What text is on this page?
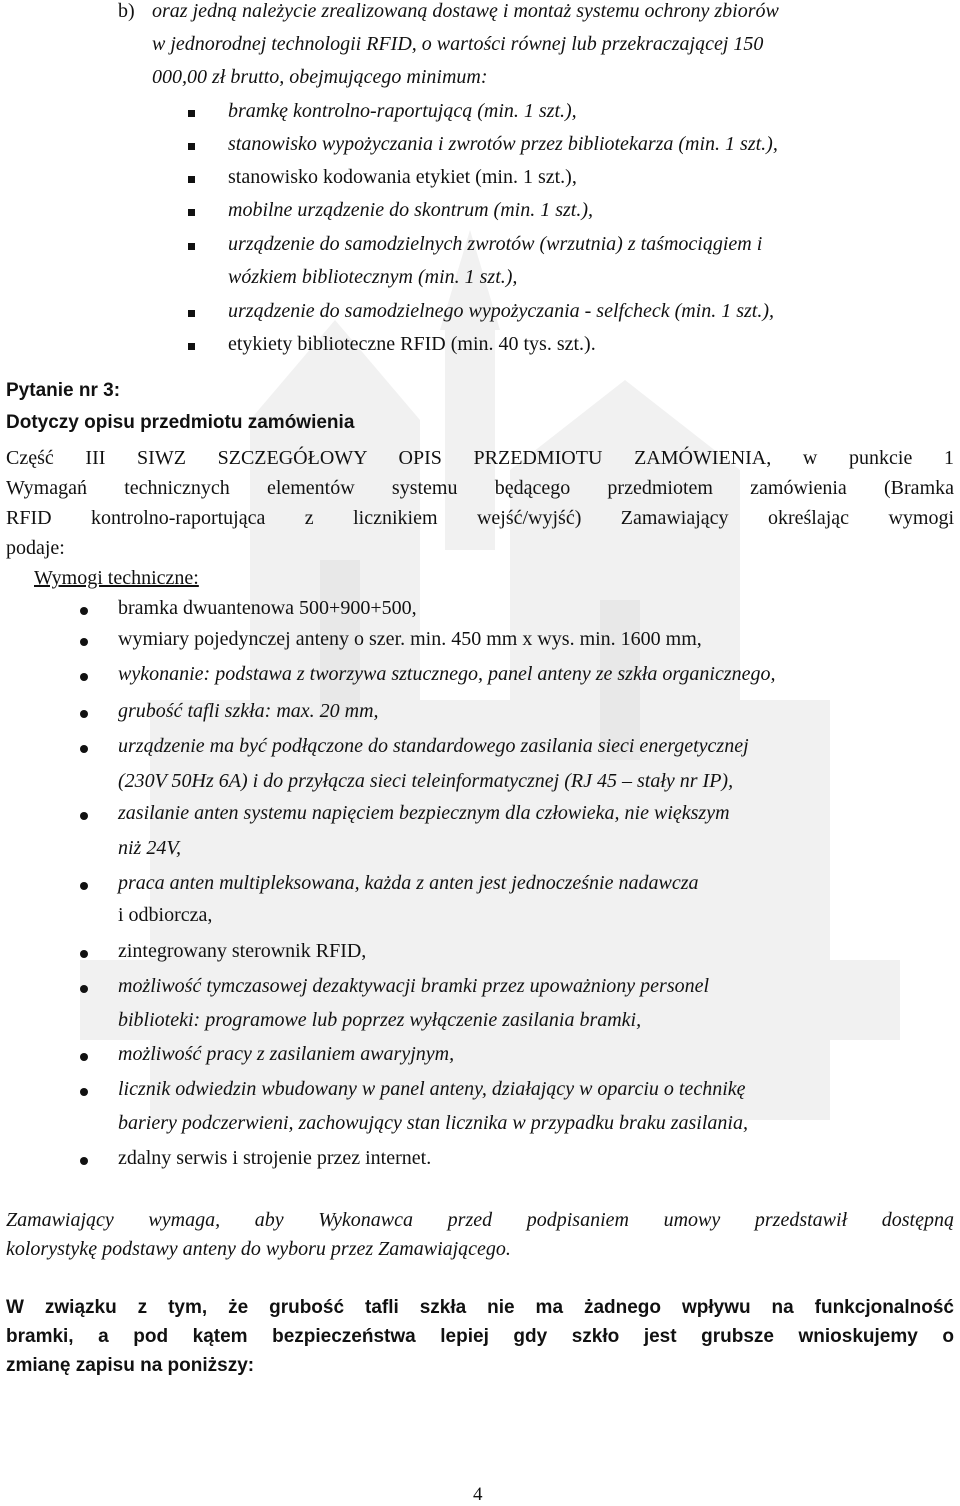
b) oraz jedną należycie zrealizowaną dostawę i montaż systemu ochrony zbiorów
w jednorodnej technologii RFID, o wartości równej lub przekraczającej 150
000,00 zł brutto, obejmującego minimum:
bramkę kontrolno-raportującą (min. 1 szt.),
stanowisko wypożyczania i zwrotów przez bibliotekarza (min. 1 szt.),
stanowisko kodowania etykiet (min. 1 szt.),
mobilne urządzenie do skontrum (min. 1 szt.),
urządzenie do samodzielnych zwrotów (wrzutnia) z taśmociągiem i
wózkiem bibliotecznym (min. 1 szt.),
urządzenie do samodzielnego wypożyczania - selfcheck (min. 1 szt.),
etykiety biblioteczne RFID (min. 40 tys. szt.).
Pytanie nr 3:
Dotyczy opisu przedmiotu zamówienia
Część III SIWZ SZCZEGÓŁOWY OPIS PRZEDMIOTU ZAMÓWIENIA, w punkcie 1
Wymagań technicznych elementów systemu będącego przedmiotem zamówienia (Bramka
RFID kontrolno-raportująca z licznikiem wejść/wyjść) Zamawiający określając wymogi
podaje:
Wymogi techniczne:
bramka dwuantenowa 500+900+500,
wymiary pojedynczej anteny o szer. min. 450 mm x wys. min. 1600 mm,
wykonanie: podstawa z tworzywa sztucznego, panel anteny ze szkła organicznego,
grubość tafli szkła: max. 20 mm,
urządzenie ma być podłączone do standardowego zasilania sieci energetycznej
(230V 50Hz 6A) i do przyłącza sieci teleinformatycznej (RJ 45 – stały nr IP),
zasilanie anten systemu napięciem bezpiecznym dla człowieka, nie większym
niż 24V,
praca anten multipleksowana, każda z anten jest jednocześnie nadawcza
i odbiorcza,
zintegrowany sterownik RFID,
możliwość tymczasowej dezaktywacji bramki przez upoważniony personel
biblioteki: programowe lub poprzez wyłączenie zasilania bramki,
możliwość pracy z zasilaniem awaryjnym,
licznik odwiedzin wbudowany w panel anteny, działający w oparciu o technikę
bariery podczerwieni, zachowujący stan licznika w przypadku braku zasilania,
zdalny serwis i strojenie przez internet.
Zamawiający wymaga, aby Wykonawca przed podpisaniem umowy przedstawił dostępną
kolorystykę podstawy anteny do wyboru przez Zamawiającego.
W związku z tym, że grubość tafli szkła nie ma żadnego wpływu na funkcjonalność
bramki, a pod kątem bezpieczeństwa lepiej gdy szkło jest grubsze wnioskujemy o
zmianę zapisu na poniższy:
4
